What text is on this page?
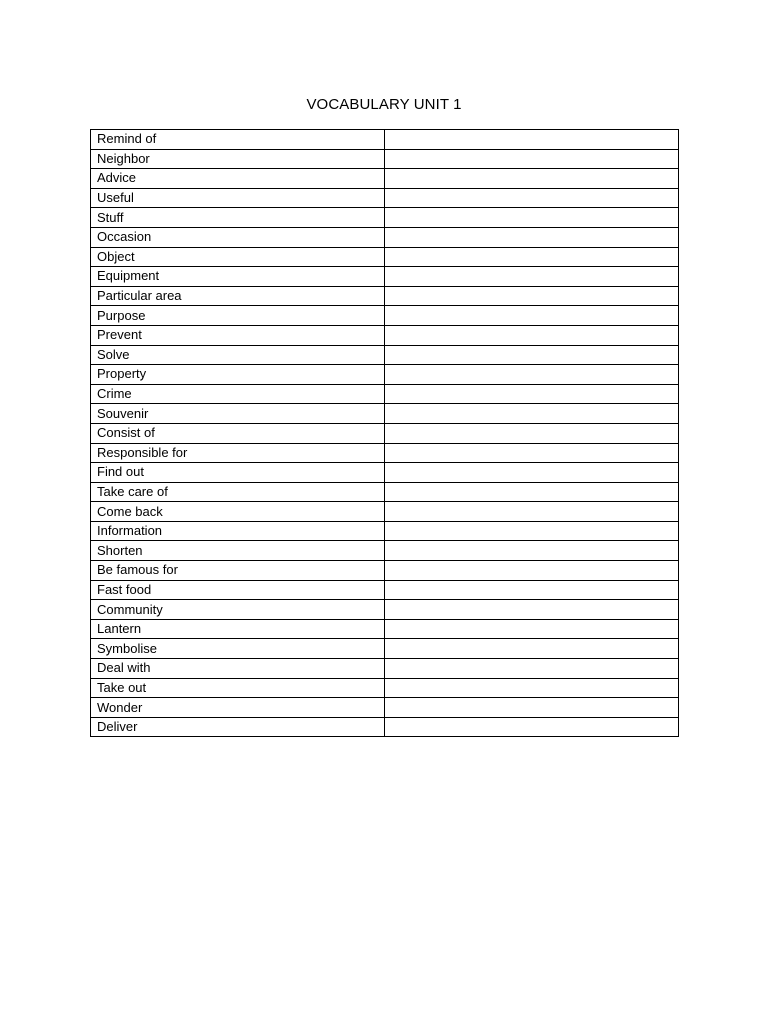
VOCABULARY UNIT 1
Remind of	
Neighbor	
Advice	
Useful	
Stuff	
Occasion	
Object	
Equipment	
Particular area	
Purpose	
Prevent	
Solve	
Property	
Crime	
Souvenir	
Consist of	
Responsible for	
Find out	
Take care of	
Come back	
Information	
Shorten	
Be famous for	
Fast food	
Community	
Lantern	
Symbolise	
Deal with	
Take out	
Wonder	
Deliver	
